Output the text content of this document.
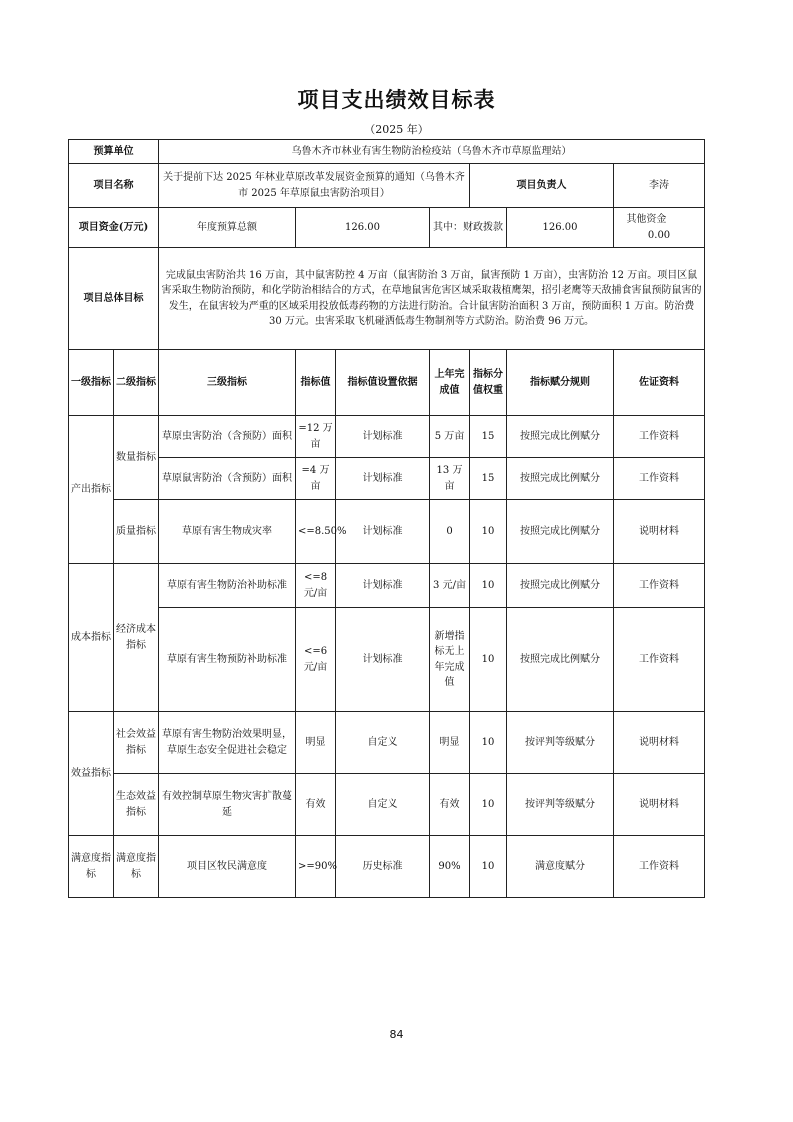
项目支出绩效目标表
（2025 年）
预算单位		乌鲁木齐市林业有害生物防治检疫站（乌鲁木齐市草原监理站）						
项目名称		关于提前下达 2025 年林业草原改革发展资金预算的通知（乌鲁木齐市 2025 年草原鼠虫害防治项目）				项目负责人		李涛
项目资金(万元)		年度预算总额	126.00		其中：财政拨款		126.00	其他资金  0.00
项目总体目标		完成鼠虫害防治共 16 万亩，其中鼠害防控 4 万亩（鼠害防治 3 万亩，鼠害预防 1 万亩），虫害防治 12 万亩。项目区鼠害采取生物防治预防，和化学防治相结合的方式，在草地鼠害危害区域采取栽植鹰架，招引老鹰等天敌捕食害鼠预防鼠害的发生，在鼠害较为严重的区域采用投放低毒药物的方法进行防治。合计鼠害防治面积 3 万亩，预防面积 1 万亩。防治费 30 万元。虫害采取飞机碰洒低毒生物制剂等方式防治。防治费 96 万元。						
一级指标	二级指标	三级指标	指标值	指标值设置依据	上年完成值	指标分值权重	指标赋分规则	佐证资料
产出指标	数量指标	草原虫害防治（含预防）面积	=12 万亩	计划标准	5 万亩	15	按照完成比例赋分	工作资料
		草原鼠害防治（含预防）面积	=4 万亩	计划标准	13 万亩	15	按照完成比例赋分	工作资料
	质量指标	草原有害生物成灾率	<=8.50%	计划标准	0	10	按照完成比例赋分	说明材料
成本指标	经济成本指标	草原有害生物防治补助标准	<=8 元/亩	计划标准	3 元/亩	10	按照完成比例赋分	工作资料
		草原有害生物预防补助标准	<=6 元/亩	计划标准	新增指标无上年完成值	10	按照完成比例赋分	工作资料
效益指标	社会效益指标	草原有害生物防治效果明显，草原生态安全促进社会稳定	明显	自定义	明显	10	按评判等级赋分	说明材料
	生态效益指标	有效控制草原生物灾害扩散蔓延	有效	自定义	有效	10	按评判等级赋分	说明材料
满意度指标	满意度指标	项目区牧民满意度	>=90%	历史标准	90%	10	满意度赋分	工作资料
84
